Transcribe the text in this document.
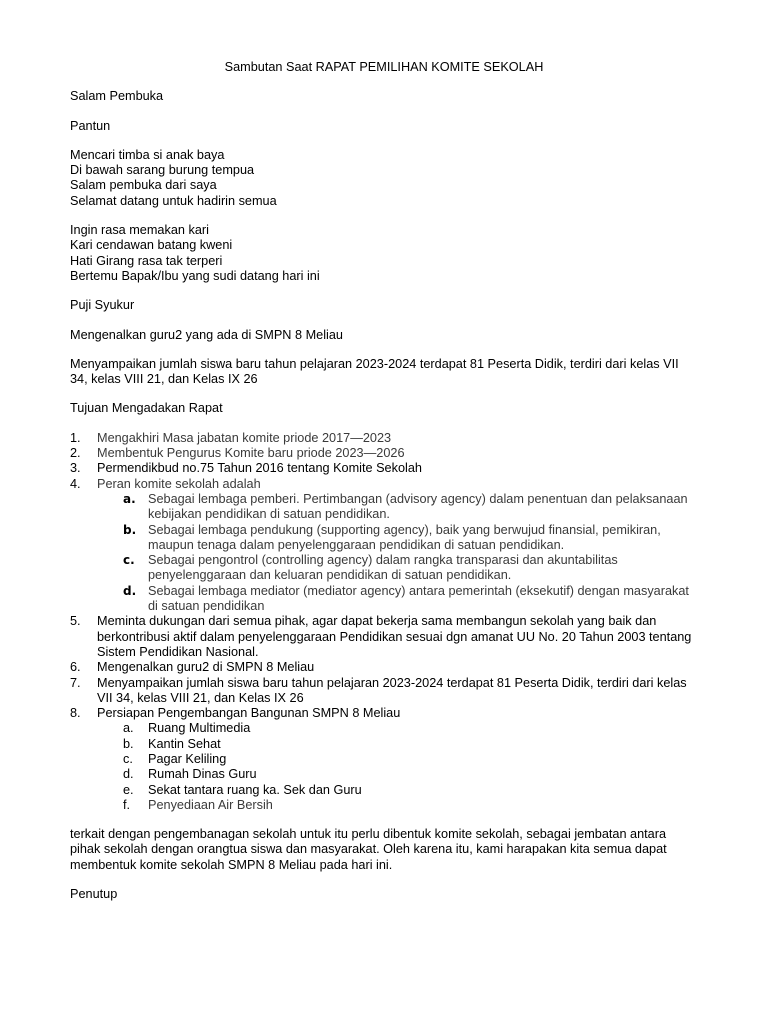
Sambutan Saat RAPAT PEMILIHAN KOMITE SEKOLAH

Salam Pembuka

Pantun

Mencari timba si anak baya
Di bawah sarang burung tempua
Salam pembuka dari saya
Selamat datang untuk hadirin semua
Ingin rasa memakan kari
Kari cendawan batang kweni
Hati Girang rasa tak terperi
Bertemu Bapak/Ibu yang sudi datang hari ini

Puji Syukur

Mengenalkan guru2 yang ada di SMPN 8 Meliau

Menyampaikan jumlah siswa baru tahun pelajaran 2023-2024 terdapat 81 Peserta Didik, terdiri dari kelas VII 34, kelas VIII 21, dan Kelas IX 26

Tujuan Mengadakan Rapat

1.	Mengakhiri Masa jabatan komite priode 2017—2023
2.	Membentuk Pengurus Komite baru priode 2023—2026
3.	Permendikbud no.75 Tahun 2016 tentang Komite Sekolah
4.	Peran komite sekolah adalah
a. Sebagai lembaga pemberi. Pertimbangan (advisory agency) dalam penentuan dan pelaksanaan kebijakan pendidikan di satuan pendidikan.
b. Sebagai lembaga pendukung (supporting agency), baik yang berwujud finansial, pemikiran, maupun tenaga dalam penyelenggaraan pendidikan di satuan pendidikan.
c.	Sebagai pengontrol (controlling agency) dalam rangka transparasi dan akuntabilitas penyelenggaraan dan keluaran pendidikan di satuan pendidikan.
d. Sebagai lembaga mediator (mediator agency) antara pemerintah (eksekutif) dengan masyarakat di satuan pendidikan
5.	Meminta dukungan dari semua pihak, agar dapat bekerja sama membangun sekolah yang baik dan berkontribusi aktif dalam penyelenggaraan Pendidikan sesuai dgn amanat UU No. 20 Tahun 2003 tentang Sistem Pendidikan Nasional.
6.	Mengenalkan guru2 di SMPN 8 Meliau
7.	Menyampaikan jumlah siswa baru tahun pelajaran 2023-2024 terdapat 81 Peserta Didik, terdiri dari kelas VII 34, kelas VIII 21, dan Kelas IX 26
8.	Persiapan Pengembangan Bangunan SMPN 8 Meliau
a.	Ruang Multimedia
b.	Kantin Sehat
c.	Pagar Keliling
d.	Rumah Dinas Guru
e.	Sekat tantara ruang ka. Sek dan Guru
f.	Penyediaan Air Bersih

terkait dengan pengembanagan sekolah untuk itu perlu dibentuk komite sekolah, sebagai jembatan antara pihak sekolah dengan orangtua siswa dan masyarakat. Oleh karena itu, kami harapakan kita semua dapat membentuk komite sekolah SMPN 8 Meliau pada hari ini.

Penutup
